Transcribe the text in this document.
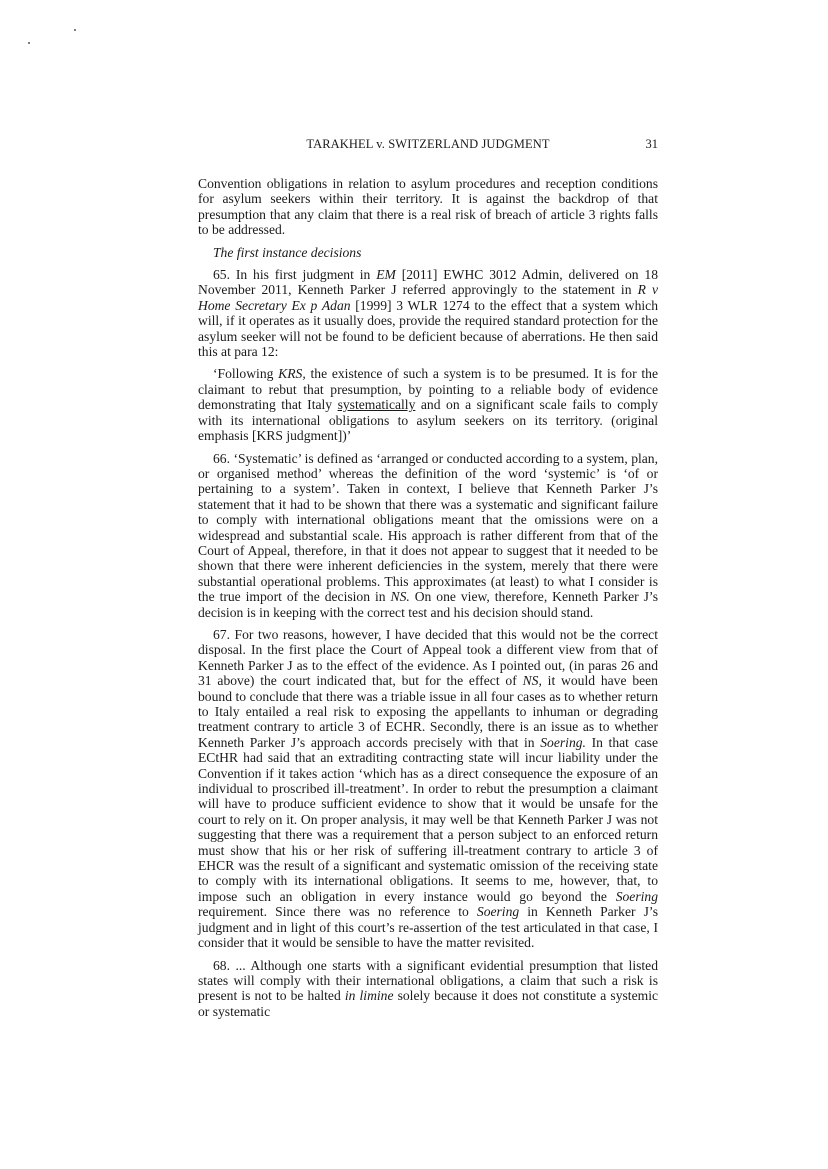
TARAKHEL v. SWITZERLAND JUDGMENT	31

Convention obligations in relation to asylum procedures and reception conditions for asylum seekers within their territory. It is against the backdrop of that presumption that any claim that there is a real risk of breach of article 3 rights falls to be addressed.

The first instance decisions

65. In his first judgment in EM [2011] EWHC 3012 Admin, delivered on 18 November 2011, Kenneth Parker J referred approvingly to the statement in R v Home Secretary Ex p Adan [1999] 3 WLR 1274 to the effect that a system which will, if it operates as it usually does, provide the required standard protection for the asylum seeker will not be found to be deficient because of aberrations. He then said this at para 12:

‘Following KRS, the existence of such a system is to be presumed. It is for the claimant to rebut that presumption, by pointing to a reliable body of evidence demonstrating that Italy systematically and on a significant scale fails to comply with its international obligations to asylum seekers on its territory. (original emphasis [KRS judgment])’

66. ‘Systematic’ is defined as ‘arranged or conducted according to a system, plan, or organised method’ whereas the definition of the word ‘systemic’ is ‘of or pertaining to a system’. Taken in context, I believe that Kenneth Parker J’s statement that it had to be shown that there was a systematic and significant failure to comply with international obligations meant that the omissions were on a widespread and substantial scale. His approach is rather different from that of the Court of Appeal, therefore, in that it does not appear to suggest that it needed to be shown that there were inherent deficiencies in the system, merely that there were substantial operational problems. This approximates (at least) to what I consider is the true import of the decision in NS. On one view, therefore, Kenneth Parker J’s decision is in keeping with the correct test and his decision should stand.

67. For two reasons, however, I have decided that this would not be the correct disposal. In the first place the Court of Appeal took a different view from that of Kenneth Parker J as to the effect of the evidence. As I pointed out, (in paras 26 and 31 above) the court indicated that, but for the effect of NS, it would have been bound to conclude that there was a triable issue in all four cases as to whether return to Italy entailed a real risk to exposing the appellants to inhuman or degrading treatment contrary to article 3 of ECHR. Secondly, there is an issue as to whether Kenneth Parker J’s approach accords precisely with that in Soering. In that case ECtHR had said that an extraditing contracting state will incur liability under the Convention if it takes action ‘which has as a direct consequence the exposure of an individual to proscribed ill-treatment’. In order to rebut the presumption a claimant will have to produce sufficient evidence to show that it would be unsafe for the court to rely on it. On proper analysis, it may well be that Kenneth Parker J was not suggesting that there was a requirement that a person subject to an enforced return must show that his or her risk of suffering ill-treatment contrary to article 3 of EHCR was the result of a significant and systematic omission of the receiving state to comply with its international obligations. It seems to me, however, that, to impose such an obligation in every instance would go beyond the Soering requirement. Since there was no reference to Soering in Kenneth Parker J’s judgment and in light of this court’s re-assertion of the test articulated in that case, I consider that it would be sensible to have the matter revisited.

68. ... Although one starts with a significant evidential presumption that listed states will comply with their international obligations, a claim that such a risk is present is not to be halted in limine solely because it does not constitute a systemic or systematic
